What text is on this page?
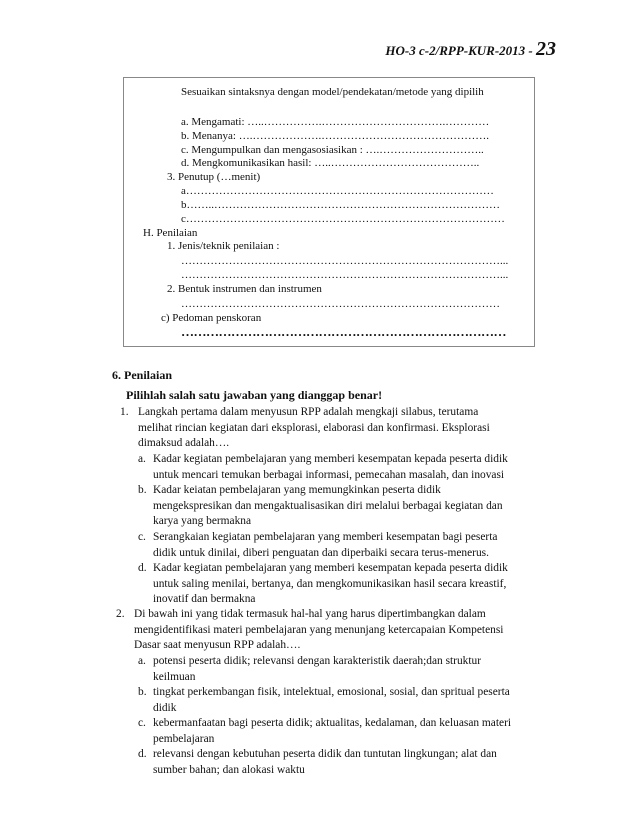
HO-3 c-2/RPP-KUR-2013 - 23
Sesuaikan sintaksnya dengan model/pendekatan/metode yang dipilih
a. Mengamati: …..…………….…………………………….…………
b. Menanya: ….……………….……………………………………….
c. Mengumpulkan dan mengasosiasikan : ….………………………..
d. Mengkomunikasikan hasil: …..…………………………………..
3. Penutup (…menit)
a…………………………………………………………………………
b……..……………………………………………………………………
c……………………………………………………………………………
H. Penilaian
1. Jenis/teknik penilaian :
……………………………………………………………………………...
……………………………………………………………………………...
2. Bentuk instrumen dan instrumen
……………………………………………………………………………
c) Pedoman penskoran
……………………………………………………………………
6. Penilaian
Pilihlah salah satu jawaban yang dianggap benar!
1. Langkah pertama dalam menyusun RPP adalah mengkaji silabus, terutama
melihat rincian kegiatan dari eksplorasi, elaborasi dan konfirmasi. Eksplorasi
dimaksud adalah….
a. Kadar kegiatan pembelajaran yang memberi kesempatan kepada peserta didik
untuk mencari temukan berbagai informasi, pemecahan masalah, dan inovasi
b. Kadar keiatan pembelajaran yang memungkinkan peserta didik
mengekspresikan dan mengaktualisasikan diri melalui berbagai kegiatan dan
karya yang bermakna
c. Serangkaian kegiatan pembelajaran yang memberi kesempatan bagi peserta
didik untuk dinilai, diberi penguatan dan diperbaiki secara terus-menerus.
d. Kadar kegiatan pembelajaran yang memberi kesempatan kepada peserta didik
untuk saling menilai, bertanya, dan mengkomunikasikan hasil secara kreastif,
inovatif dan bermakna
2. Di bawah ini yang tidak termasuk hal-hal yang harus dipertimbangkan dalam
mengidentifikasi materi pembelajaran yang menunjang ketercapaian Kompetensi
Dasar saat menyusun RPP adalah….
a. potensi peserta didik; relevansi dengan karakteristik daerah;dan struktur
keilmuan
b. tingkat perkembangan fisik, intelektual, emosional, sosial, dan spritual peserta
didik
c. kebermanfaatan bagi peserta didik; aktualitas, kedalaman, dan keluasan materi
pembelajaran
d. relevansi dengan kebutuhan peserta didik dan tuntutan lingkungan; alat dan
sumber bahan; dan alokasi waktu
